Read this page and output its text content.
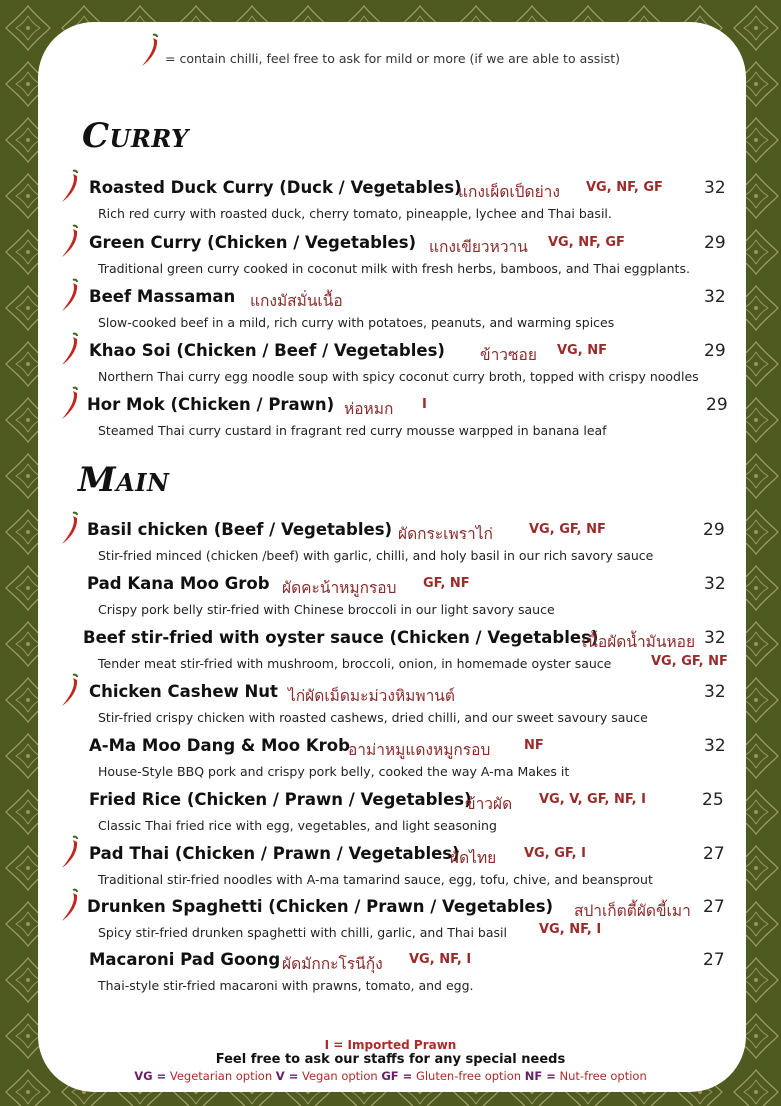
= contain chilli, feel free to ask for mild or more (if we are able to assist)
Curry
Main
Roasted Duck Curry (Duck / Vegetables)
แกงเผ็ดเป็ดย่าง VG, NF, GF 32
Rich red curry with roasted duck, cherry tomato, pineapple, lychee and Thai basil.
Green Curry (Chicken / Vegetables) แกงเขียวหวาน VG, NF, GF	29
Traditional green curry cooked in coconut milk with fresh herbs, bamboos, and Thai eggplants.
Beef Massaman แกงมัสมั่นเนื้อ	32
Slow-cooked beef in a mild, rich curry with potatoes, peanuts, and warming spices
Khao Soi (Chicken / Beef / Vegetables) ข้าวซอย VG, NF	29
Northern Thai curry egg noodle soup with spicy coconut curry broth, topped with crispy noodles
Hor Mok (Chicken / Prawn) ห่อหมก I	29
Steamed Thai curry custard in fragrant red curry mousse warpped in banana leaf
Basil chicken (Beef / Vegetables) ผัดกระเพราไก่	VG, GF, NF	29
Stir-fried minced (chicken /beef) with garlic, chilli, and holy basil in our rich savory sauce
Pad Kana Moo Grob ผัดคะน้าหมูกรอบ GF, NF	32
Crispy pork belly stir-fried with Chinese broccoli in our light savory sauce
Beef stir-fried with oyster sauce (Chicken / Vegetables)
เนื้อผัดน้ำมันหอย
VG, GF, NF
32
Tender meat stir-fried with mushroom, broccoli, onion, in homemade oyster sauce
Chicken Cashew Nut ไก่ผัดเม็ดมะม่วงหิมพานต์	32
Stir-fried crispy chicken with roasted cashews, dried chilli, and our sweet savoury sauce
A-Ma Moo Dang & Moo Krob
อาม่าหมูแดงหมูกรอบ	NF	32
House-Style BBQ pork and crispy pork belly, cooked the way A-ma Makes it
Fried Rice (Chicken / Prawn / Vegetables)
ข้าวผัด VG, V, GF, NF, I	25
Classic Thai fried rice with egg, vegetables, and light seasoning
Pad Thai (Chicken / Prawn / Vegetables)
ผัดไทย VG, GF, I	27
Traditional stir-fried noodles with A-ma tamarind sauce, egg, tofu, chive, and beansprout
Drunken Spaghetti (Chicken / Prawn / Vegetables) สปาเก็ตตี้ผัดขี้เมา
VG, NF, I
27
Spicy stir-fried drunken spaghetti with chilli, garlic, and Thai basil
Macaroni Pad Goong ผัดมักกะโรนีกุ้ง VG, NF, I	27
Thai-style stir-fried macaroni with prawns, tomato, and egg.
I = Imported Prawn
Feel free to ask our staffs for any special needs
VG = Vegetarian option V = Vegan option GF = Gluten-free option NF = Nut-free option
